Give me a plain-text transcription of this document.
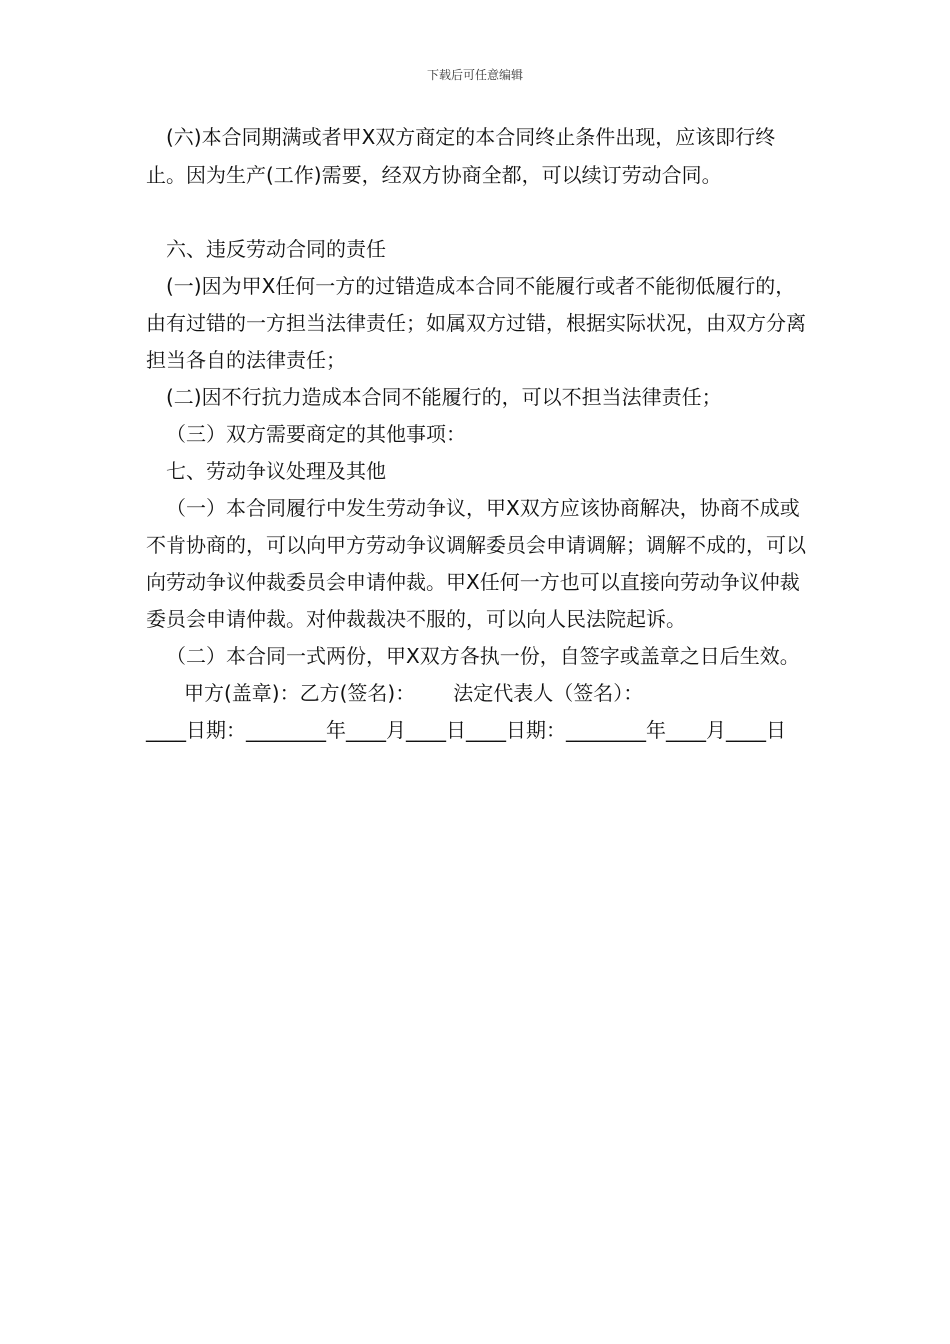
下载后可任意编辑

(六)本合同期满或者甲X双方商定的本合同终止条件出现，应该即行终止。因为生产(工作)需要，经双方协商全都，可以续订劳动合同。

六、违反劳动合同的责任

(一)因为甲X任何一方的过错造成本合同不能履行或者不能彻低履行的，由有过错的一方担当法律责任；如属双方过错，根据实际状况，由双方分离担当各自的法律责任；

(二)因不行抗力造成本合同不能履行的，可以不担当法律责任；

（三）双方需要商定的其他事项：

七、劳动争议处理及其他

（一）本合同履行中发生劳动争议，甲X双方应该协商解决，协商不成或不肯协商的，可以向甲方劳动争议调解委员会申请调解；调解不成的，可以向劳动争议仲裁委员会申请仲裁。甲X任何一方也可以直接向劳动争议仲裁委员会申请仲裁。对仲裁裁决不服的，可以向人民法院起诉。

（二）本合同一式两份，甲X双方各执一份，自签字或盖章之日后生效。甲方(盖章)：乙方(签名)： 法定代表人（签名）：

____日期：________年____月____日____日期：________年____月____日
